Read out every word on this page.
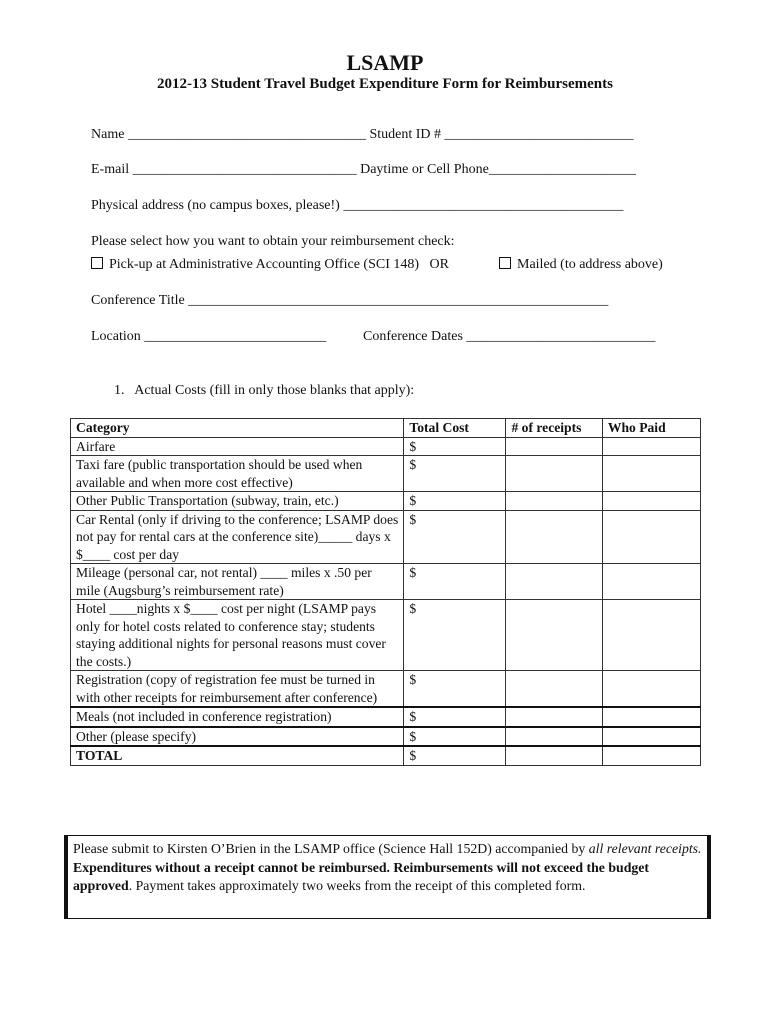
LSAMP
2012-13 Student Travel Budget Expenditure Form for Reimbursements
Name __________________________________ Student ID # ___________________________
E-mail ________________________________ Daytime or Cell Phone_____________________
Physical address (no campus boxes, please!) ________________________________________
Please select how you want to obtain your reimbursement check:
Pick-up at Administrative Accounting Office (SCI 148) OR	Mailed (to address above)
Conference Title ____________________________________________________________
Location __________________________	Conference Dates ___________________________
1. Actual Costs (fill in only those blanks that apply):
Category	Total Cost	# of receipts	Who Paid
Airfare	$		
Taxi fare (public transportation should be used when available and when more cost effective)	$		
Other Public Transportation (subway, train, etc.)	$		
Car Rental (only if driving to the conference; LSAMP does not pay for rental cars at the conference site)_____ days x $____ cost per day	$		
Mileage (personal car, not rental) ____ miles x .50 per mile (Augsburg’s reimbursement rate)	$		
Hotel ____nights x $____ cost per night (LSAMP pays only for hotel costs related to conference stay; students staying additional nights for personal reasons must cover the costs.)	$		
Registration (copy of registration fee must be turned in with other receipts for reimbursement after conference)	$		
Meals (not included in conference registration)	$		
Other (please specify)	$		
TOTAL	$		
Please submit to Kirsten O’Brien in the LSAMP office (Science Hall 152D) accompanied by all relevant receipts. Expenditures without a receipt cannot be reimbursed. Reimbursements will not exceed the budget approved. Payment takes approximately two weeks from the receipt of this completed form.
